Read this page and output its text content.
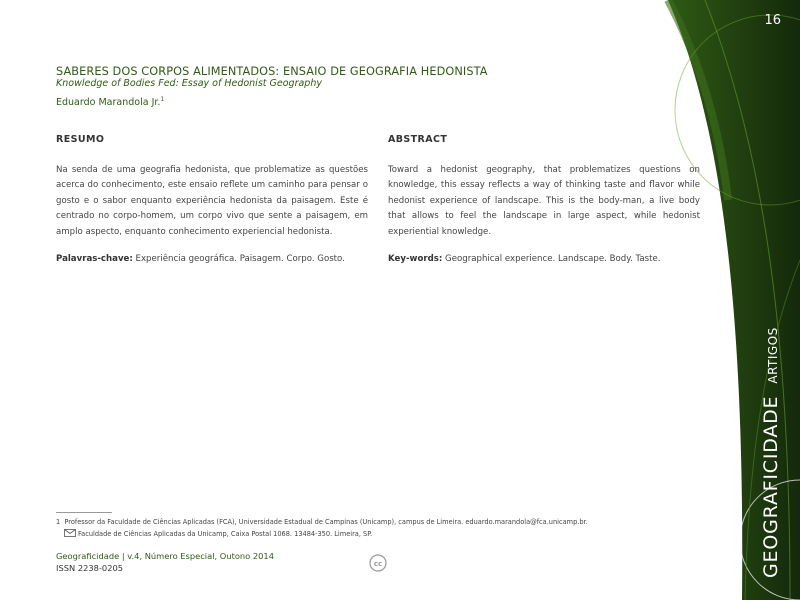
16
GEOGRAFICIDADEARTIGOS
SABERES DOS CORPOS ALIMENTADOS: ENSAIO DE GEOGRAFIA HEDONISTA
Knowledge of Bodies Fed: Essay of Hedonist Geography
Eduardo Marandola Jr.$^1$
RESUMO

Na senda de uma geografia hedonista, que problematize as questões acerca do conhecimento, este ensaio reflete um caminho para pensar o gosto e o sabor enquanto experiência hedonista da paisagem. Este é centrado no corpo-homem, um corpo vivo que sente a paisagem, em amplo aspecto, enquanto conhecimento experiencial hedonista.

Palavras-chave: Experiência geográfica. Paisagem. Corpo. Gosto.

ABSTRACT

Toward a hedonist geography, that problematizes questions on knowledge, this essay reflects a way of thinking taste and flavor while hedonist experience of landscape. This is the body-man, a live body that allows to feel the landscape in large aspect, while hedonist experiential knowledge.

Key-words: Geographical experience. Landscape. Body. Taste.

1 Professor da Faculdade de Ciências Aplicadas (FCA), Universidade Estadual de Campinas (Unicamp), campus de Limeira. eduardo.marandola@fca.unicamp.br.
Faculdade de Ciências Aplicadas da Unicamp, Caixa Postal 1068. 13484-350. Limeira, SP.
Geograficidade | v.4, Número Especial, Outono 2014
ISSN 2238-0205	cc
